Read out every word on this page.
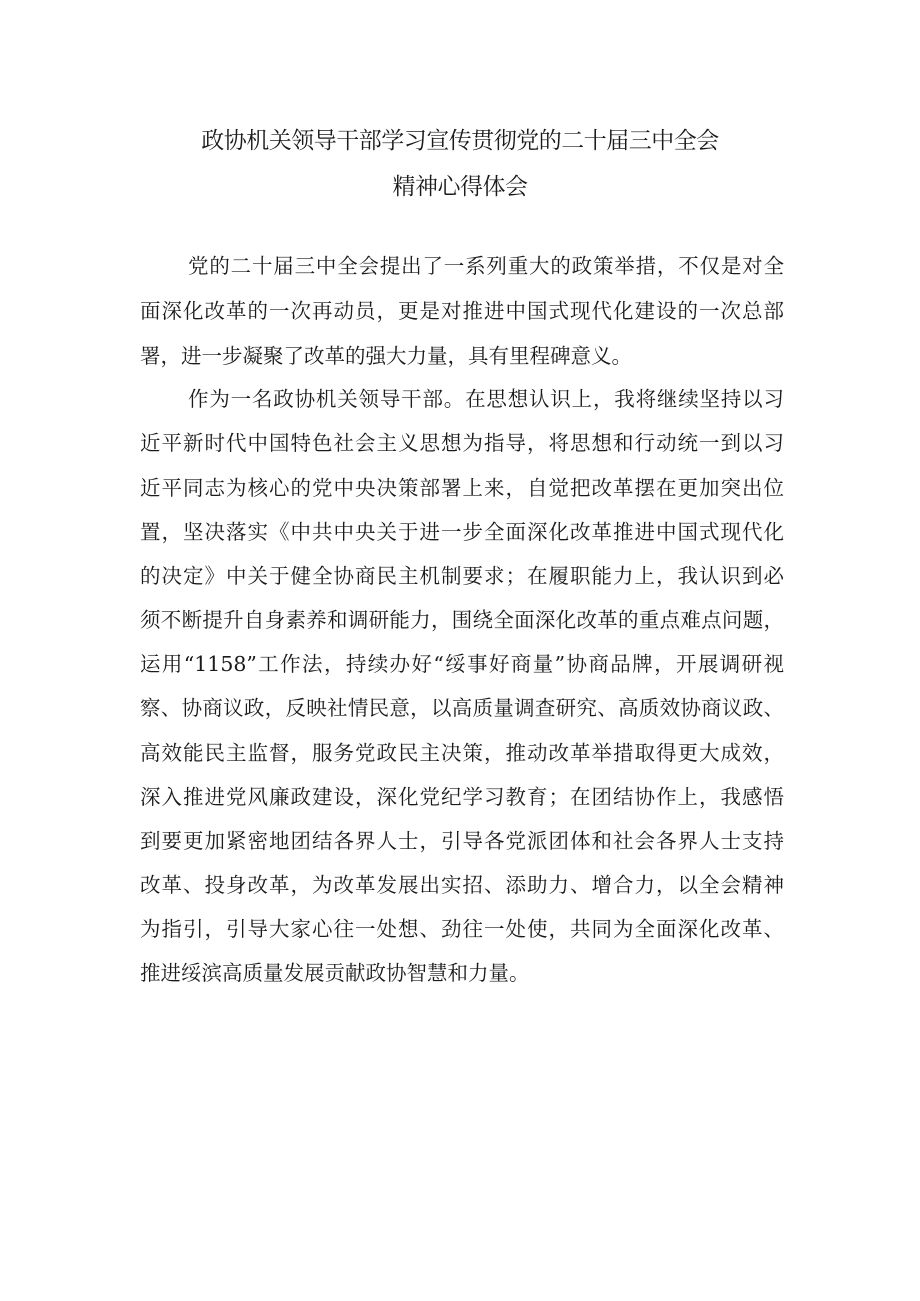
政协机关领导干部学习宣传贯彻党的二十届三中全会
精神心得体会
党的二十届三中全会提出了一系列重大的政策举措，不仅是对全
面深化改革的一次再动员，更是对推进中国式现代化建设的一次总部
署，进一步凝聚了改革的强大力量，具有里程碑意义。
作为一名政协机关领导干部。在思想认识上，我将继续坚持以习
近平新时代中国特色社会主义思想为指导，将思想和行动统一到以习
近平同志为核心的党中央决策部署上来，自觉把改革摆在更加突出位
置，坚决落实《中共中央关于进一步全面深化改革推进中国式现代化
的决定》中关于健全协商民主机制要求；在履职能力上，我认识到必
须不断提升自身素养和调研能力，围绕全面深化改革的重点难点问题，
运用“1158”工作法，持续办好“绥事好商量”协商品牌，开展调研视
察、协商议政，反映社情民意，以高质量调查研究、高质效协商议政、
高效能民主监督，服务党政民主决策，推动改革举措取得更大成效，
深入推进党风廉政建设，深化党纪学习教育；在团结协作上，我感悟
到要更加紧密地团结各界人士，引导各党派团体和社会各界人士支持
改革、投身改革，为改革发展出实招、添助力、增合力，以全会精神
为指引，引导大家心往一处想、劲往一处使，共同为全面深化改革、
推进绥滨高质量发展贡献政协智慧和力量。
